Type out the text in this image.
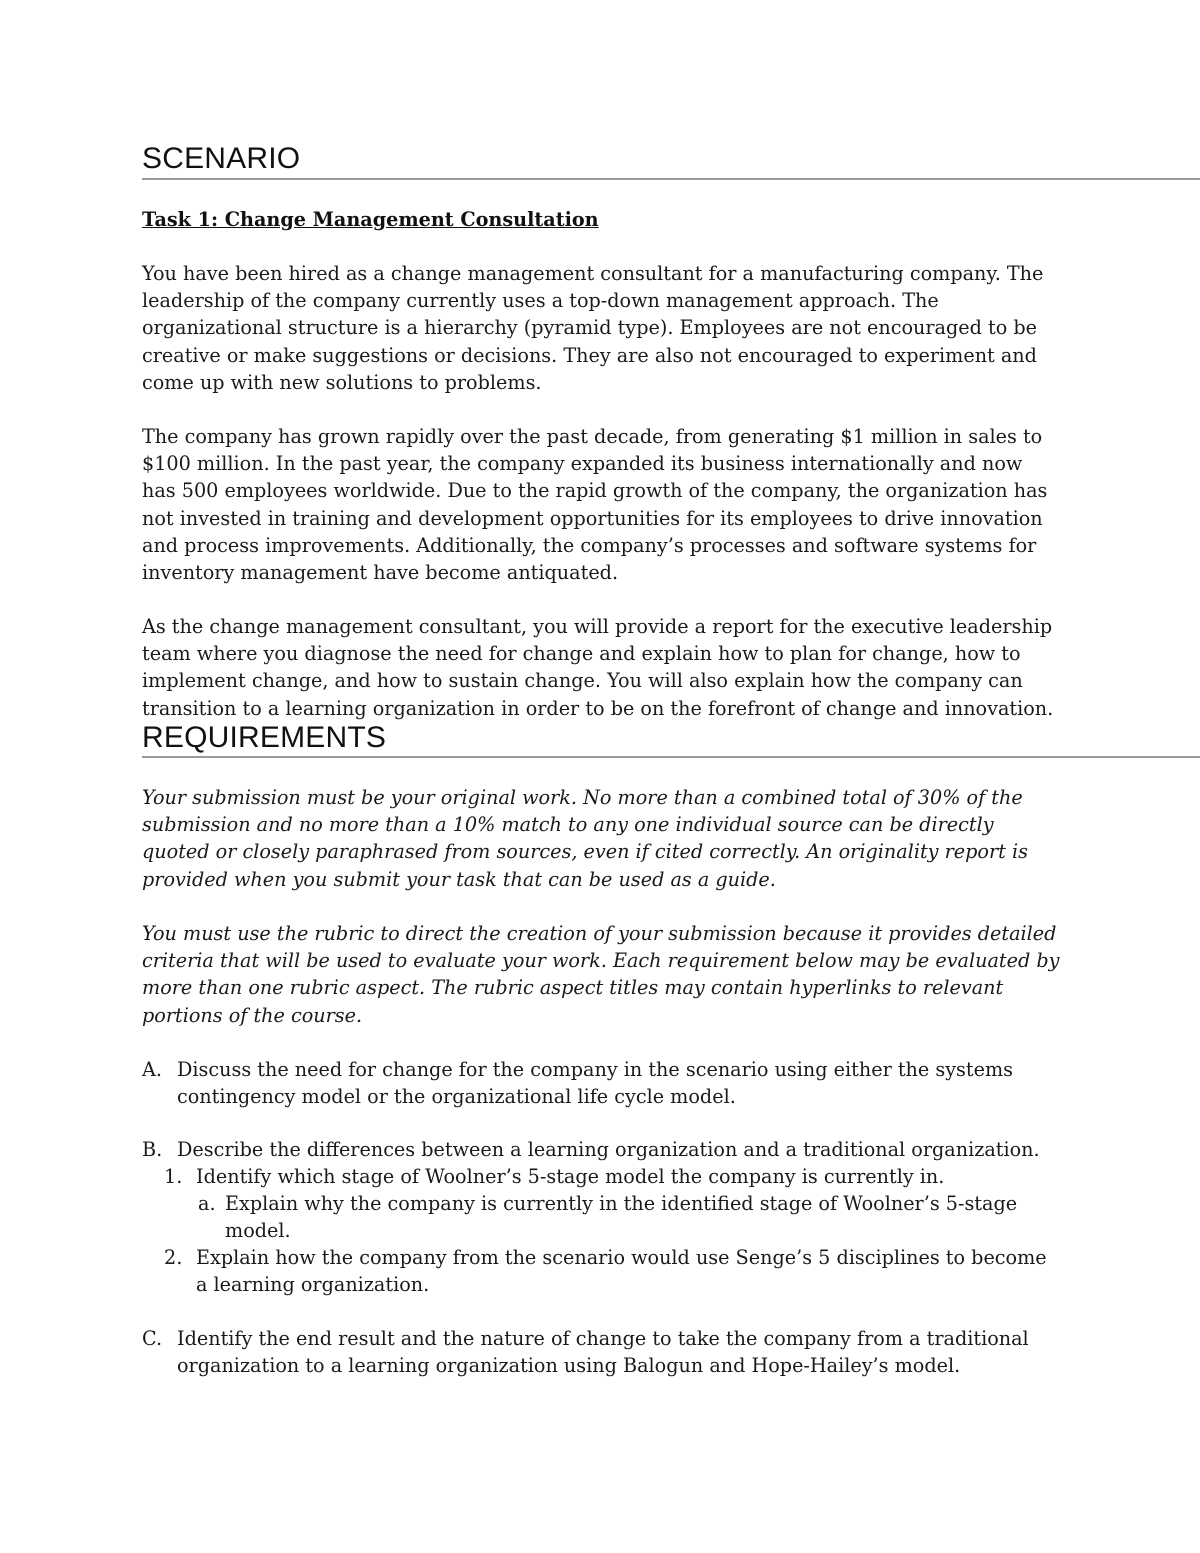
SCENARIO
Task 1: Change Management Consultation

You have been hired as a change management consultant for a manufacturing company. The leadership of the company currently uses a top-down management approach. The organizational structure is a hierarchy (pyramid type). Employees are not encouraged to be creative or make suggestions or decisions. They are also not encouraged to experiment and come up with new solutions to problems.

The company has grown rapidly over the past decade, from generating $1 million in sales to $100 million. In the past year, the company expanded its business internationally and now has 500 employees worldwide. Due to the rapid growth of the company, the organization has not invested in training and development opportunities for its employees to drive innovation and process improvements. Additionally, the company’s processes and software systems for inventory management have become antiquated.

As the change management consultant, you will provide a report for the executive leadership team where you diagnose the need for change and explain how to plan for change, how to implement change, and how to sustain change. You will also explain how the company can transition to a learning organization in order to be on the forefront of change and innovation.

REQUIREMENTS

Your submission must be your original work. No more than a combined total of 30% of the submission and no more than a 10% match to any one individual source can be directly quoted or closely paraphrased from sources, even if cited correctly. An originality report is provided when you submit your task that can be used as a guide.

You must use the rubric to direct the creation of your submission because it provides detailed criteria that will be used to evaluate your work. Each requirement below may be evaluated by more than one rubric aspect. The rubric aspect titles may contain hyperlinks to relevant portions of the course.

A. Discuss the need for change for the company in the scenario using either the systems contingency model or the organizational life cycle model.
B. Describe the differences between a learning organization and a traditional organization.
1. Identify which stage of Woolner’s 5-stage model the company is currently in.
a. Explain why the company is currently in the identified stage of Woolner’s 5-stage model.
2. Explain how the company from the scenario would use Senge’s 5 disciplines to become a learning organization.
C. Identify the end result and the nature of change to take the company from a traditional organization to a learning organization using Balogun and Hope-Hailey’s model.
